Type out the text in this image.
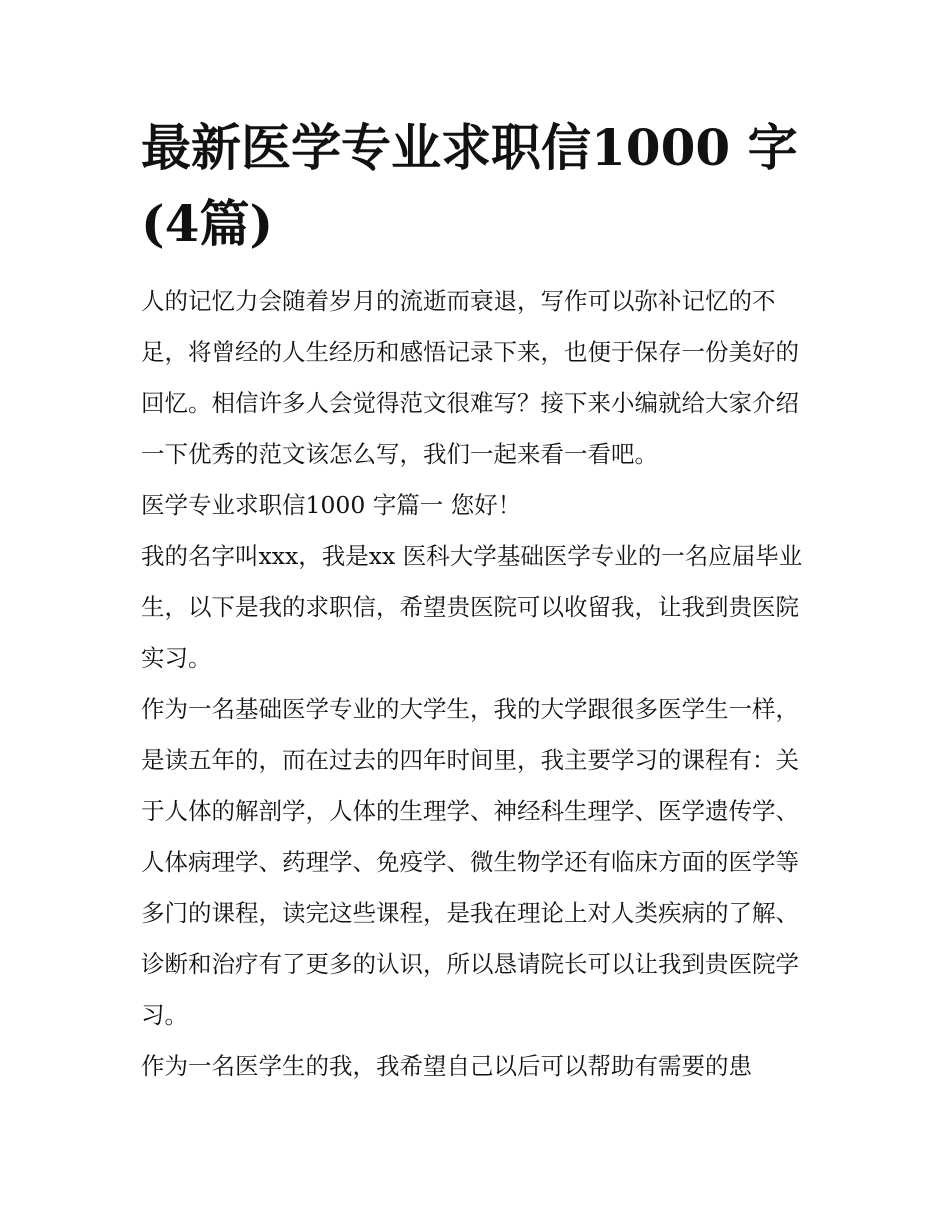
最新医学专业求职信1000 字(4篇)

人的记忆力会随着岁月的流逝而衰退，写作可以弥补记忆的不足，将曾经的人生经历和感悟记录下来，也便于保存一份美好的回忆。相信许多人会觉得范文很难写？接下来小编就给大家介绍一下优秀的范文该怎么写，我们一起来看一看吧。

医学专业求职信1000 字篇一 您好！

我的名字叫xxx，我是xx 医科大学基础医学专业的一名应届毕业生，以下是我的求职信，希望贵医院可以收留我，让我到贵医院实习。

作为一名基础医学专业的大学生，我的大学跟很多医学生一样，是读五年的，而在过去的四年时间里，我主要学习的课程有：关于人体的解剖学，人体的生理学、神经科生理学、医学遗传学、人体病理学、药理学、免疫学、微生物学还有临床方面的医学等多门的课程，读完这些课程，是我在理论上对人类疾病的了解、诊断和治疗有了更多的认识，所以恳请院长可以让我到贵医院学习。

作为一名医学生的我，我希望自己以后可以帮助有需要的患
